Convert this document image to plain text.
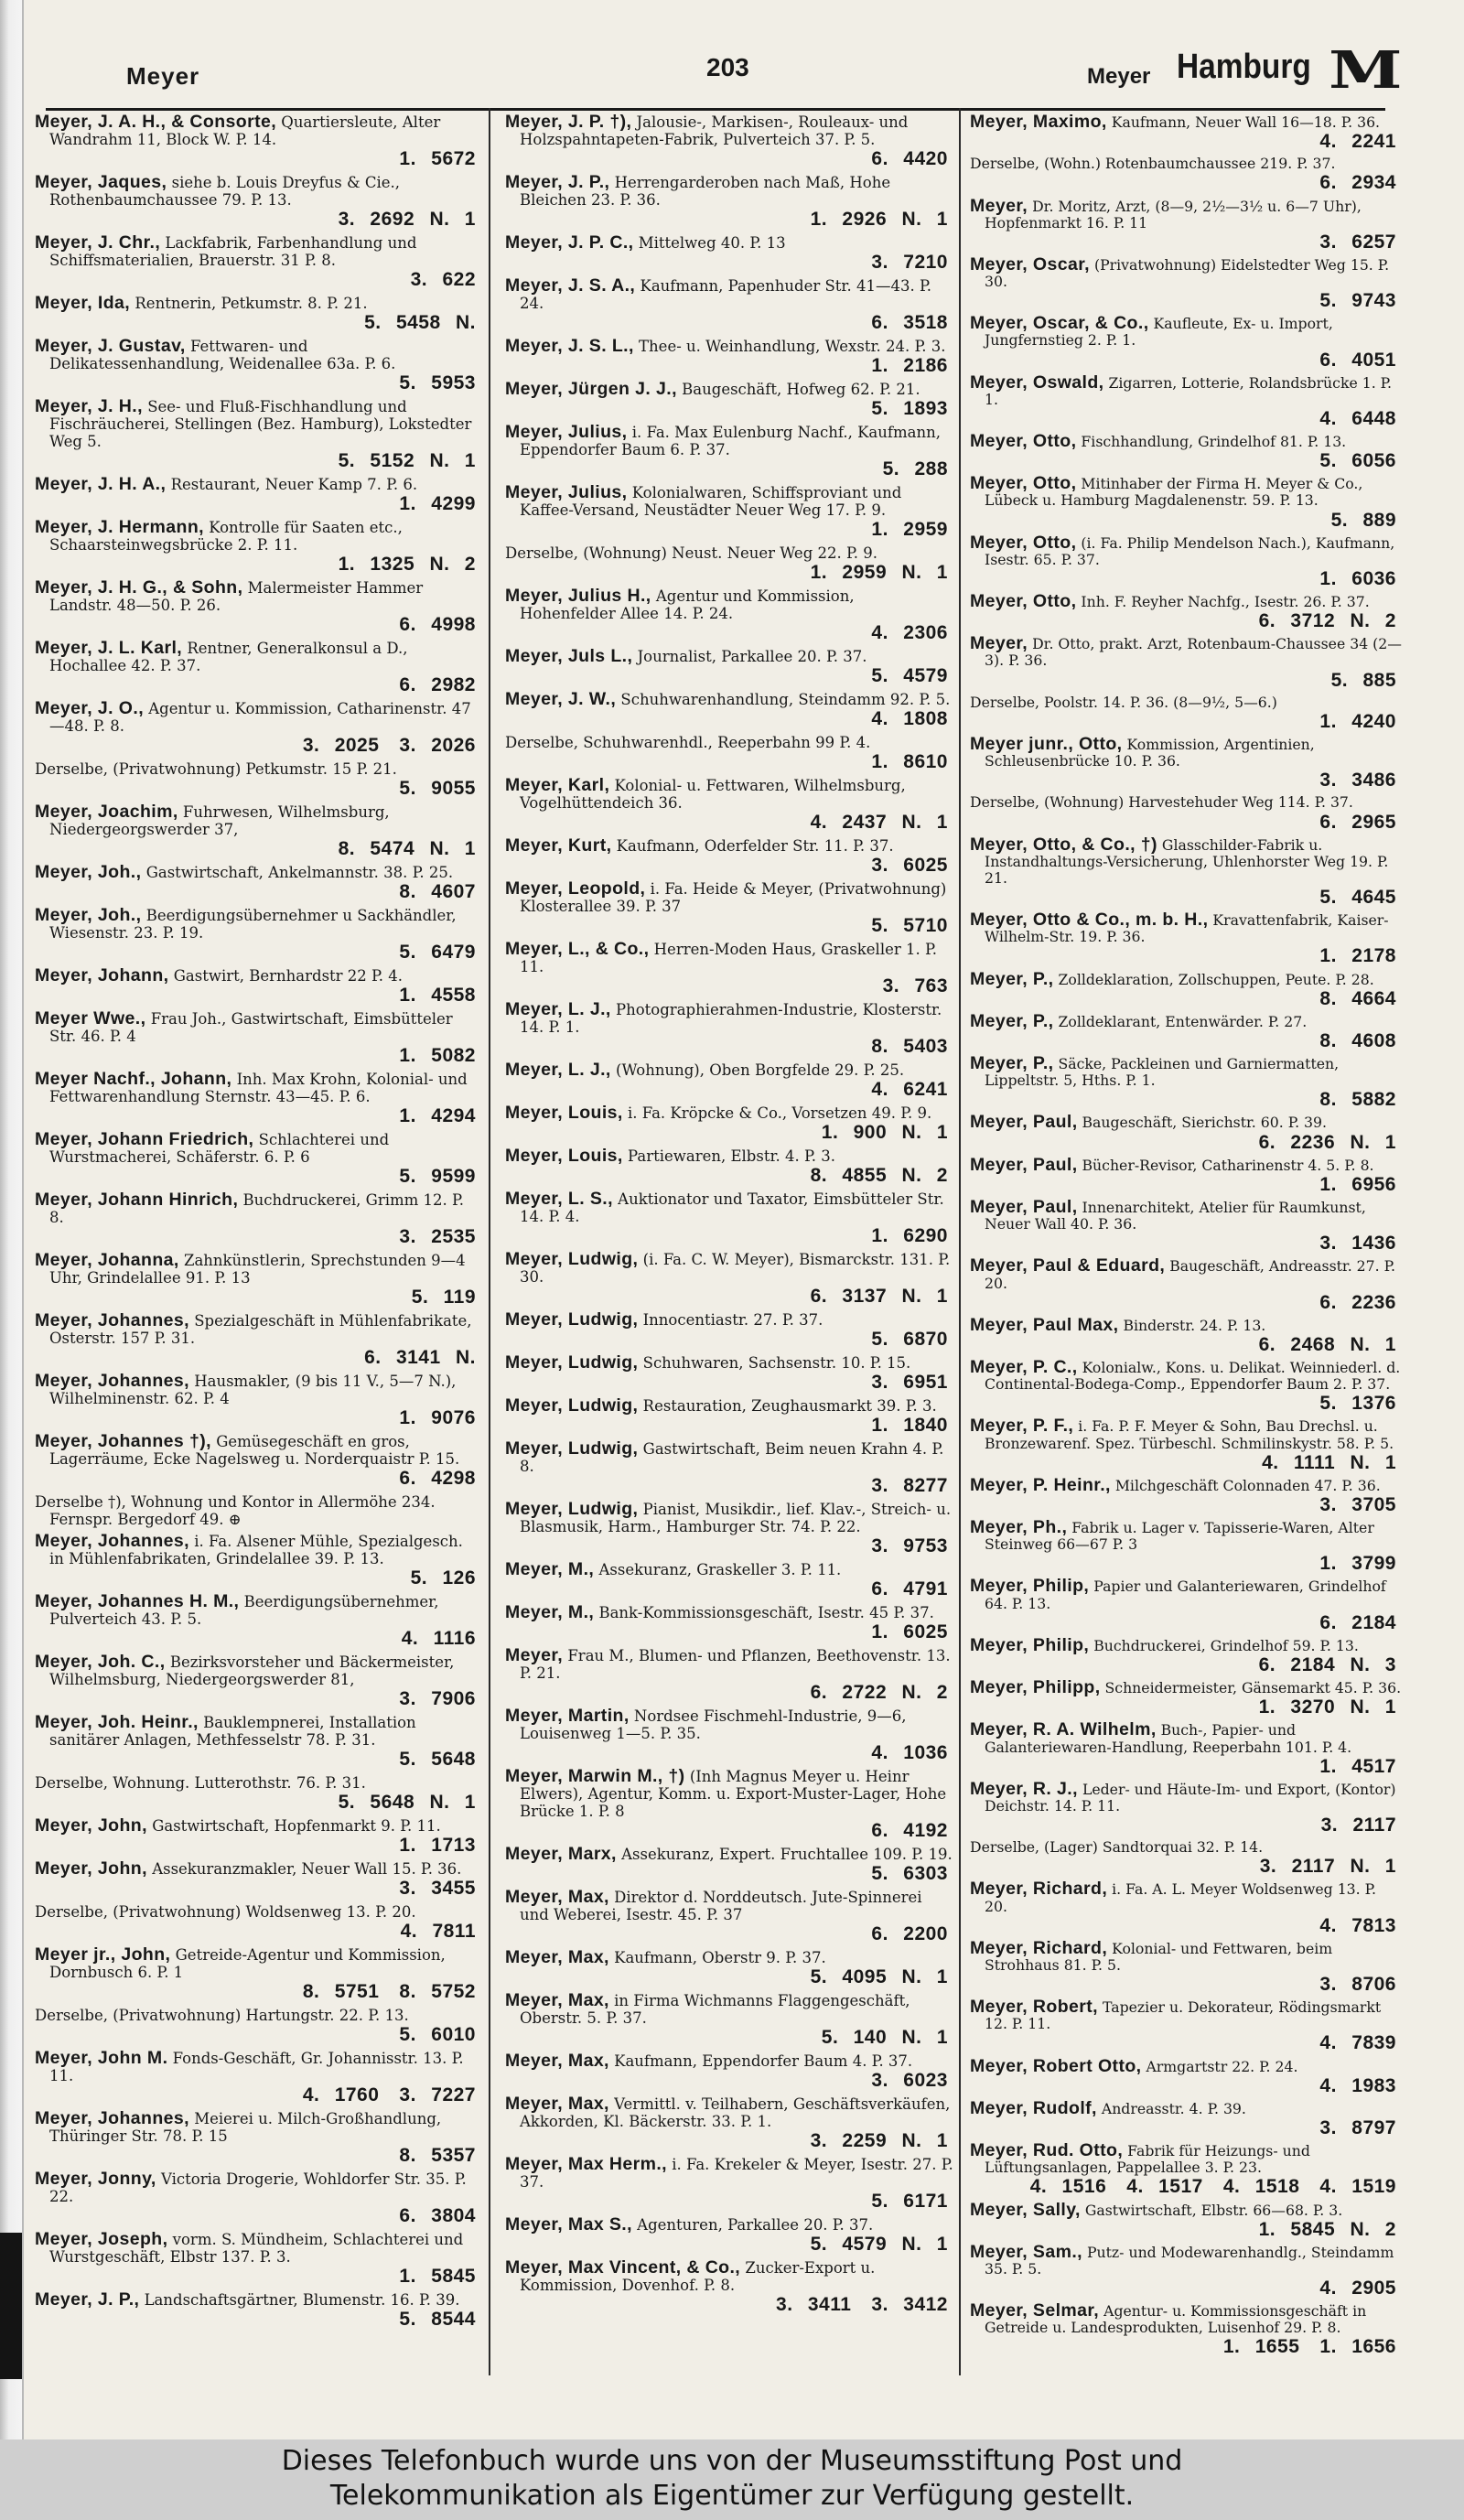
Meyer	203	Meyer Hamburg M
Meyer, J. A. H., & Consorte, Quartiersleute, Alter Wandrahm 11, Block W. P. 14.
1. 5672
Meyer, Jaques, siehe b. Louis Dreyfus & Cie., Rothenbaumchaussee 79. P. 13.
3. 2692 N. 1
Meyer, J. Chr., Lackfabrik, Farbenhandlung und Schiffsmaterialien, Brauerstr. 31 P. 8.
3. 622
Meyer, Ida, Rentnerin, Petkumstr. 8. P. 21.
5. 5458 N.
Meyer, J. Gustav, Fettwaren- und Delikatessenhandlung, Weidenallee 63a. P. 6.
5. 5953
Meyer, J. H., See- und Fluß-Fischhandlung und Fischräucherei, Stellingen (Bez. Hamburg), Lokstedter Weg 5.
5. 5152 N. 1
Meyer, J. H. A., Restaurant, Neuer Kamp 7. P. 6.
1. 4299
Meyer, J. Hermann, Kontrolle für Saaten etc., Schaarsteinwegsbrücke 2. P. 11.
1. 1325 N. 2
Meyer, J. H. G., & Sohn, Malermeister Hammer Landstr. 48—50. P. 26.
6. 4998
Meyer, J. L. Karl, Rentner, Generalkonsul a D., Hochallee 42. P. 37.
6. 2982
Meyer, J. O., Agentur u. Kommission, Catharinenstr. 47—48. P. 8.
3. 2025 3. 2026
Derselbe, (Privatwohnung) Petkumstr. 15 P. 21.
5. 9055
Meyer, Joachim, Fuhrwesen, Wilhelmsburg, Niedergeorgswerder 37,
8. 5474 N. 1
Meyer, Joh., Gastwirtschaft, Ankelmannstr. 38. P. 25.
8. 4607
Meyer, Joh., Beerdigungsübernehmer u Sackhändler, Wiesenstr. 23. P. 19.
5. 6479
Meyer, Johann, Gastwirt, Bernhardstr 22 P. 4.
1. 4558
Meyer Wwe., Frau Joh., Gastwirtschaft, Eimsbütteler Str. 46. P. 4
1. 5082
Meyer Nachf., Johann, Inh. Max Krohn, Kolonial- und Fettwarenhandlung Sternstr. 43—45. P. 6.
1. 4294
Meyer, Johann Friedrich, Schlachterei und Wurstmacherei, Schäferstr. 6. P. 6
5. 9599
Meyer, Johann Hinrich, Buchdruckerei, Grimm 12. P. 8.
3. 2535
Meyer, Johanna, Zahnkünstlerin, Sprechstunden 9—4 Uhr, Grindelallee 91. P. 13
5. 119
Meyer, Johannes, Spezialgeschäft in Mühlenfabrikate, Osterstr. 157 P. 31.
6. 3141 N.
Meyer, Johannes, Hausmakler, (9 bis 11 V., 5—7 N.), Wilhelminenstr. 62. P. 4
1. 9076
Meyer, Johannes †), Gemüsegeschäft en gros, Lagerräume, Ecke Nagelsweg u. Norderquaistr P. 15.
6. 4298
Derselbe †), Wohnung und Kontor in Allermöhe 234. Fernspr. Bergedorf 49. ⊕
Meyer, Johannes, i. Fa. Alsener Mühle, Spezialgesch. in Mühlenfabrikaten, Grindelallee 39. P. 13.
5. 126
Meyer, Johannes H. M., Beerdigungsübernehmer, Pulverteich 43. P. 5.
4. 1116
Meyer, Joh. C., Bezirksvorsteher und Bäckermeister, Wilhelmsburg, Niedergeorgswerder 81,
3. 7906
Meyer, Joh. Heinr., Bauklempnerei, Installation sanitärer Anlagen, Methfesselstr 78. P. 31.
5. 5648
Derselbe, Wohnung. Lutterothstr. 76. P. 31.
5. 5648 N. 1
Meyer, John, Gastwirtschaft, Hopfenmarkt 9. P. 11.
1. 1713
Meyer, John, Assekuranzmakler, Neuer Wall 15. P. 36.
3. 3455
Derselbe, (Privatwohnung) Woldsenweg 13. P. 20.
4. 7811
Meyer jr., John, Getreide-Agentur und Kommission, Dornbusch 6. P. 1
8. 5751 8. 5752
Derselbe, (Privatwohnung) Hartungstr. 22. P. 13.
5. 6010
Meyer, John M. Fonds-Geschäft, Gr. Johannisstr. 13. P. 11.
4. 1760 3. 7227
Meyer, Johannes, Meierei u. Milch-Großhandlung, Thüringer Str. 78. P. 15
8. 5357
Meyer, Jonny, Victoria Drogerie, Wohldorfer Str. 35. P. 22.
6. 3804
Meyer, Joseph, vorm. S. Mündheim, Schlachterei und Wurstgeschäft, Elbstr 137. P. 3.
1. 5845
Meyer, J. P., Landschaftsgärtner, Blumenstr. 16. P. 39.
5. 8544
Meyer, J. P. †), Jalousie-, Markisen-, Rouleaux- und Holzspahntapeten-Fabrik, Pulverteich 37. P. 5.
6. 4420
Meyer, J. P., Herrengarderoben nach Maß, Hohe Bleichen 23. P. 36.
1. 2926 N. 1
Meyer, J. P. C., Mittelweg 40. P. 13
3. 7210
Meyer, J. S. A., Kaufmann, Papenhuder Str. 41—43. P. 24.
6. 3518
Meyer, J. S. L., Thee- u. Weinhandlung, Wexstr. 24. P. 3.
1. 2186
Meyer, Jürgen J. J., Baugeschäft, Hofweg 62. P. 21.
5. 1893
Meyer, Julius, i. Fa. Max Eulenburg Nachf., Kaufmann, Eppendorfer Baum 6. P. 37.
5. 288
Meyer, Julius, Kolonialwaren, Schiffsproviant und Kaffee-Versand, Neustädter Neuer Weg 17. P. 9.
1. 2959
Derselbe, (Wohnung) Neust. Neuer Weg 22. P. 9.
1. 2959 N. 1
Meyer, Julius H., Agentur und Kommission, Hohenfelder Allee 14. P. 24.
4. 2306
Meyer, Juls L., Journalist, Parkallee 20. P. 37.
5. 4579
Meyer, J. W., Schuhwarenhandlung, Steindamm 92. P. 5.
4. 1808
Derselbe, Schuhwarenhdl., Reeperbahn 99 P. 4.
1. 8610
Meyer, Karl, Kolonial- u. Fettwaren, Wilhelmsburg, Vogelhüttendeich 36.
4. 2437 N. 1
Meyer, Kurt, Kaufmann, Oderfelder Str. 11. P. 37.
3. 6025
Meyer, Leopold, i. Fa. Heide & Meyer, (Privatwohnung) Klosterallee 39. P. 37
5. 5710
Meyer, L., & Co., Herren-Moden Haus, Graskeller 1. P. 11.
3. 763
Meyer, L. J., Photographierahmen-Industrie, Klosterstr. 14. P. 1.
8. 5403
Meyer, L. J., (Wohnung), Oben Borgfelde 29. P. 25.
4. 6241
Meyer, Louis, i. Fa. Kröpcke & Co., Vorsetzen 49. P. 9.
1. 900 N. 1
Meyer, Louis, Partiewaren, Elbstr. 4. P. 3.
8. 4855 N. 2
Meyer, L. S., Auktionator und Taxator, Eimsbütteler Str. 14. P. 4.
1. 6290
Meyer, Ludwig, (i. Fa. C. W. Meyer), Bismarckstr. 131. P. 30.
6. 3137 N. 1
Meyer, Ludwig, Innocentiastr. 27. P. 37.
5. 6870
Meyer, Ludwig, Schuhwaren, Sachsenstr. 10. P. 15.
3. 6951
Meyer, Ludwig, Restauration, Zeughausmarkt 39. P. 3.
1. 1840
Meyer, Ludwig, Gastwirtschaft, Beim neuen Krahn 4. P. 8.
3. 8277
Meyer, Ludwig, Pianist, Musikdir., lief. Klav.-, Streich- u. Blasmusik, Harm., Hamburger Str. 74. P. 22.
3. 9753
Meyer, M., Assekuranz, Graskeller 3. P. 11.
6. 4791
Meyer, M., Bank-Kommissionsgeschäft, Isestr. 45 P. 37.
1. 6025
Meyer, Frau M., Blumen- und Pflanzen, Beethovenstr. 13. P. 21.
6. 2722 N. 2
Meyer, Martin, Nordsee Fischmehl-Industrie, 9—6, Louisenweg 1—5. P. 35.
4. 1036
Meyer, Marwin M., †) (Inh Magnus Meyer u. Heinr Elwers), Agentur, Komm. u. Export-Muster-Lager, Hohe Brücke 1. P. 8
6. 4192
Meyer, Marx, Assekuranz, Expert. Fruchtallee 109. P. 19.
5. 6303
Meyer, Max, Direktor d. Norddeutsch. Jute-Spinnerei und Weberei, Isestr. 45. P. 37
6. 2200
Meyer, Max, Kaufmann, Oberstr 9. P. 37.
5. 4095 N. 1
Meyer, Max, in Firma Wichmanns Flaggengeschäft, Oberstr. 5. P. 37.
5. 140 N. 1
Meyer, Max, Kaufmann, Eppendorfer Baum 4. P. 37.
3. 6023
Meyer, Max, Vermittl. v. Teilhabern, Geschäftsverkäufen, Akkorden, Kl. Bäckerstr. 33. P. 1.
3. 2259 N. 1
Meyer, Max Herm., i. Fa. Krekeler & Meyer, Isestr. 27. P. 37.
5. 6171
Meyer, Max S., Agenturen, Parkallee 20. P. 37.
5. 4579 N. 1
Meyer, Max Vincent, & Co., Zucker-Export u. Kommission, Dovenhof. P. 8.
3. 3411 3. 3412
Meyer, Maximo, Kaufmann, Neuer Wall 16—18. P. 36.
4. 2241
Derselbe, (Wohn.) Rotenbaumchaussee 219. P. 37.
6. 2934
Meyer, Dr. Moritz, Arzt, (8—9, 2½—3½ u. 6—7 Uhr), Hopfenmarkt 16. P. 11
3. 6257
Meyer, Oscar, (Privatwohnung) Eidelstedter Weg 15. P. 30.
5. 9743
Meyer, Oscar, & Co., Kaufleute, Ex- u. Import, Jungfernstieg 2. P. 1.
6. 4051
Meyer, Oswald, Zigarren, Lotterie, Rolandsbrücke 1. P. 1.
4. 6448
Meyer, Otto, Fischhandlung, Grindelhof 81. P. 13.
5. 6056
Meyer, Otto, Mitinhaber der Firma H. Meyer & Co., Lübeck u. Hamburg Magdalenenstr. 59. P. 13.
5. 889
Meyer, Otto, (i. Fa. Philip Mendelson Nach.), Kaufmann, Isestr. 65. P. 37.
1. 6036
Meyer, Otto, Inh. F. Reyher Nachfg., Isestr. 26. P. 37.
6. 3712 N. 2
Meyer, Dr. Otto, prakt. Arzt, Rotenbaum-Chaussee 34 (2—3). P. 36.
5. 885
Derselbe, Poolstr. 14. P. 36. (8—9½, 5—6.)
1. 4240
Meyer junr., Otto, Kommission, Argentinien, Schleusenbrücke 10. P. 36.
3. 3486
Derselbe, (Wohnung) Harvestehuder Weg 114. P. 37.
6. 2965
Meyer, Otto, & Co., †) Glasschilder-Fabrik u. Instandhaltungs-Versicherung, Uhlenhorster Weg 19. P. 21.
5. 4645
Meyer, Otto & Co., m. b. H., Kravattenfabrik, Kaiser-Wilhelm-Str. 19. P. 36.
1. 2178
Meyer, P., Zolldeklaration, Zollschuppen, Peute. P. 28.
8. 4664
Meyer, P., Zolldeklarant, Entenwärder. P. 27.
8. 4608
Meyer, P., Säcke, Packleinen und Garniermatten, Lippeltstr. 5, Hths. P. 1.
8. 5882
Meyer, Paul, Baugeschäft, Sierichstr. 60. P. 39.
6. 2236 N. 1
Meyer, Paul, Bücher-Revisor, Catharinenstr 4. 5. P. 8.
1. 6956
Meyer, Paul, Innenarchitekt, Atelier für Raumkunst, Neuer Wall 40. P. 36.
3. 1436
Meyer, Paul & Eduard, Baugeschäft, Andreasstr. 27. P. 20.
6. 2236
Meyer, Paul Max, Binderstr. 24. P. 13.
6. 2468 N. 1
Meyer, P. C., Kolonialw., Kons. u. Delikat. Weinniederl. d. Continental-Bodega-Comp., Eppendorfer Baum 2. P. 37.
5. 1376
Meyer, P. F., i. Fa. P. F. Meyer & Sohn, Bau Drechsl. u. Bronzewarenf. Spez. Türbeschl. Schmilinskystr. 58. P. 5.
4. 1111 N. 1
Meyer, P. Heinr., Milchgeschäft Colonnaden 47. P. 36.
3. 3705
Meyer, Ph., Fabrik u. Lager v. Tapisserie-Waren, Alter Steinweg 66—67 P. 3
1. 3799
Meyer, Philip, Papier und Galanteriewaren, Grindelhof 64. P. 13.
6. 2184
Meyer, Philip, Buchdruckerei, Grindelhof 59. P. 13.
6. 2184 N. 3
Meyer, Philipp, Schneidermeister, Gänsemarkt 45. P. 36.
1. 3270 N. 1
Meyer, R. A. Wilhelm, Buch-, Papier- und Galanteriewaren-Handlung, Reeperbahn 101. P. 4.
1. 4517
Meyer, R. J., Leder- und Häute-Im- und Export, (Kontor) Deichstr. 14. P. 11.
3. 2117
Derselbe, (Lager) Sandtorquai 32. P. 14.
3. 2117 N. 1
Meyer, Richard, i. Fa. A. L. Meyer Woldsenweg 13. P. 20.
4. 7813
Meyer, Richard, Kolonial- und Fettwaren, beim Strohhaus 81. P. 5.
3. 8706
Meyer, Robert, Tapezier u. Dekorateur, Rödingsmarkt 12. P. 11.
4. 7839
Meyer, Robert Otto, Armgartstr 22. P. 24.
4. 1983
Meyer, Rudolf, Andreasstr. 4. P. 39.
3. 8797
Meyer, Rud. Otto, Fabrik für Heizungs- und Lüftungsanlagen, Pappelallee 3. P. 23.
4. 1516 4. 1517 4. 1518 4. 1519
Meyer, Sally, Gastwirtschaft, Elbstr. 66—68. P. 3.
1. 5845 N. 2
Meyer, Sam., Putz- und Modewarenhandlg., Steindamm 35. P. 5.
4. 2905
Meyer, Selmar, Agentur- u. Kommissionsgeschäft in Getreide u. Landesprodukten, Luisenhof 29. P. 8.
1. 1655 1. 1656
Dieses Telefonbuch wurde uns von der Museumsstiftung Post und
Telekommunikation als Eigentümer zur Verfügung gestellt.
